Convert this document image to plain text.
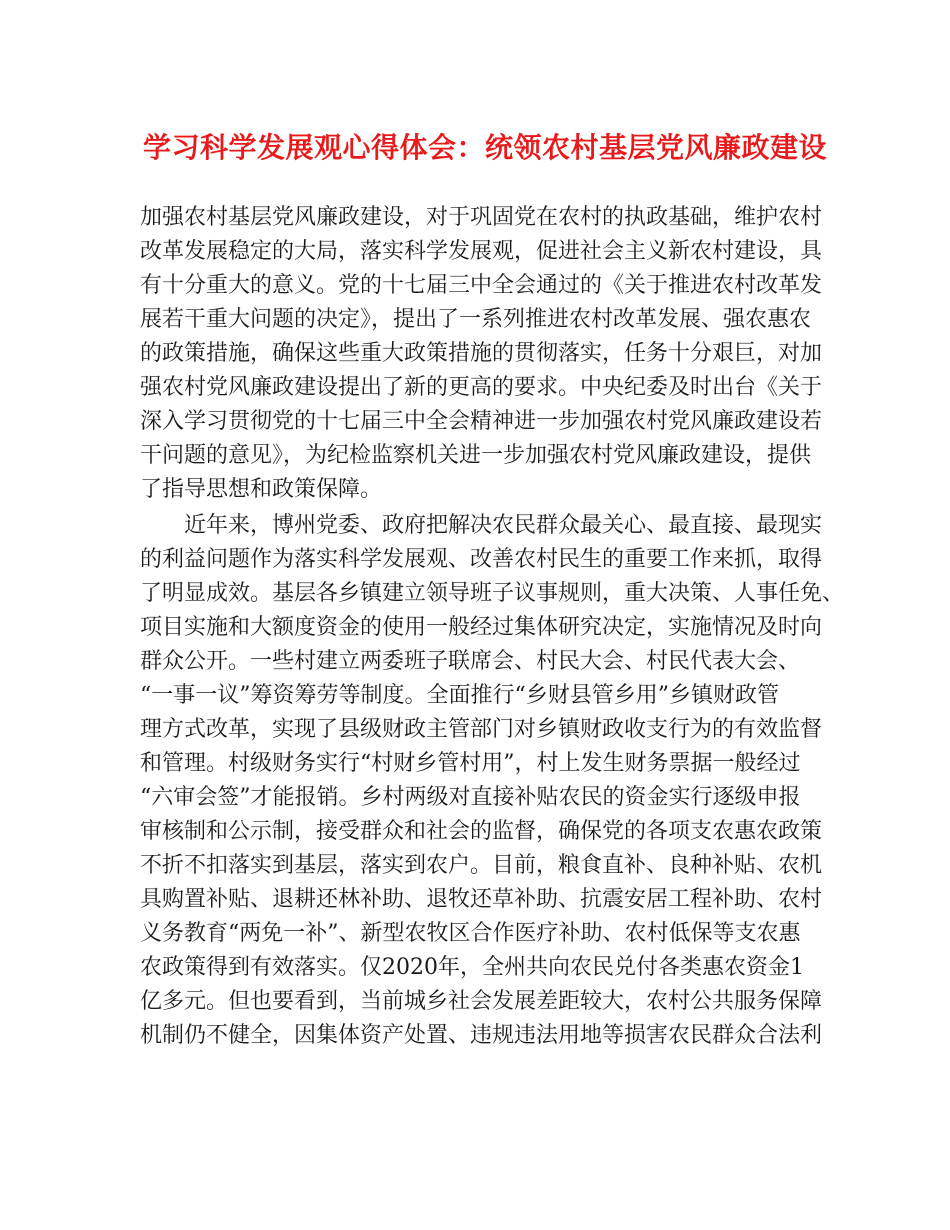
学习科学发展观心得体会：统领农村基层党风廉政建设

加强农村基层党风廉政建设，对于巩固党在农村的执政基础，维护农村
改革发展稳定的大局，落实科学发展观，促进社会主义新农村建设，具
有十分重大的意义。党的十七届三中全会通过的《关于推进农村改革发
展若干重大问题的决定》，提出了一系列推进农村改革发展、强农惠农
的政策措施，确保这些重大政策措施的贯彻落实，任务十分艰巨，对加
强农村党风廉政建设提出了新的更高的要求。中央纪委及时出台《关于
深入学习贯彻党的十七届三中全会精神进一步加强农村党风廉政建设若
干问题的意见》，为纪检监察机关进一步加强农村党风廉政建设，提供
了指导思想和政策保障。

近年来，博州党委、政府把解决农民群众最关心、最直接、最现实
的利益问题作为落实科学发展观、改善农村民生的重要工作来抓，取得
了明显成效。基层各乡镇建立领导班子议事规则，重大决策、人事任免、
项目实施和大额度资金的使用一般经过集体研究决定，实施情况及时向
群众公开。一些村建立两委班子联席会、村民大会、村民代表大会、
“一事一议”筹资筹劳等制度。全面推行“乡财县管乡用”乡镇财政管
理方式改革，实现了县级财政主管部门对乡镇财政收支行为的有效监督
和管理。村级财务实行“村财乡管村用”，村上发生财务票据一般经过
“六审会签”才能报销。乡村两级对直接补贴农民的资金实行逐级申报
审核制和公示制，接受群众和社会的监督，确保党的各项支农惠农政策
不折不扣落实到基层，落实到农户。目前，粮食直补、良种补贴、农机
具购置补贴、退耕还林补助、退牧还草补助、抗震安居工程补助、农村
义务教育“两免一补”、新型农牧区合作医疗补助、农村低保等支农惠
农政策得到有效落实。仅2020年，全州共向农民兑付各类惠农资金1
亿多元。但也要看到，当前城乡社会发展差距较大，农村公共服务保障
机制仍不健全，因集体资产处置、违规违法用地等损害农民群众合法利
